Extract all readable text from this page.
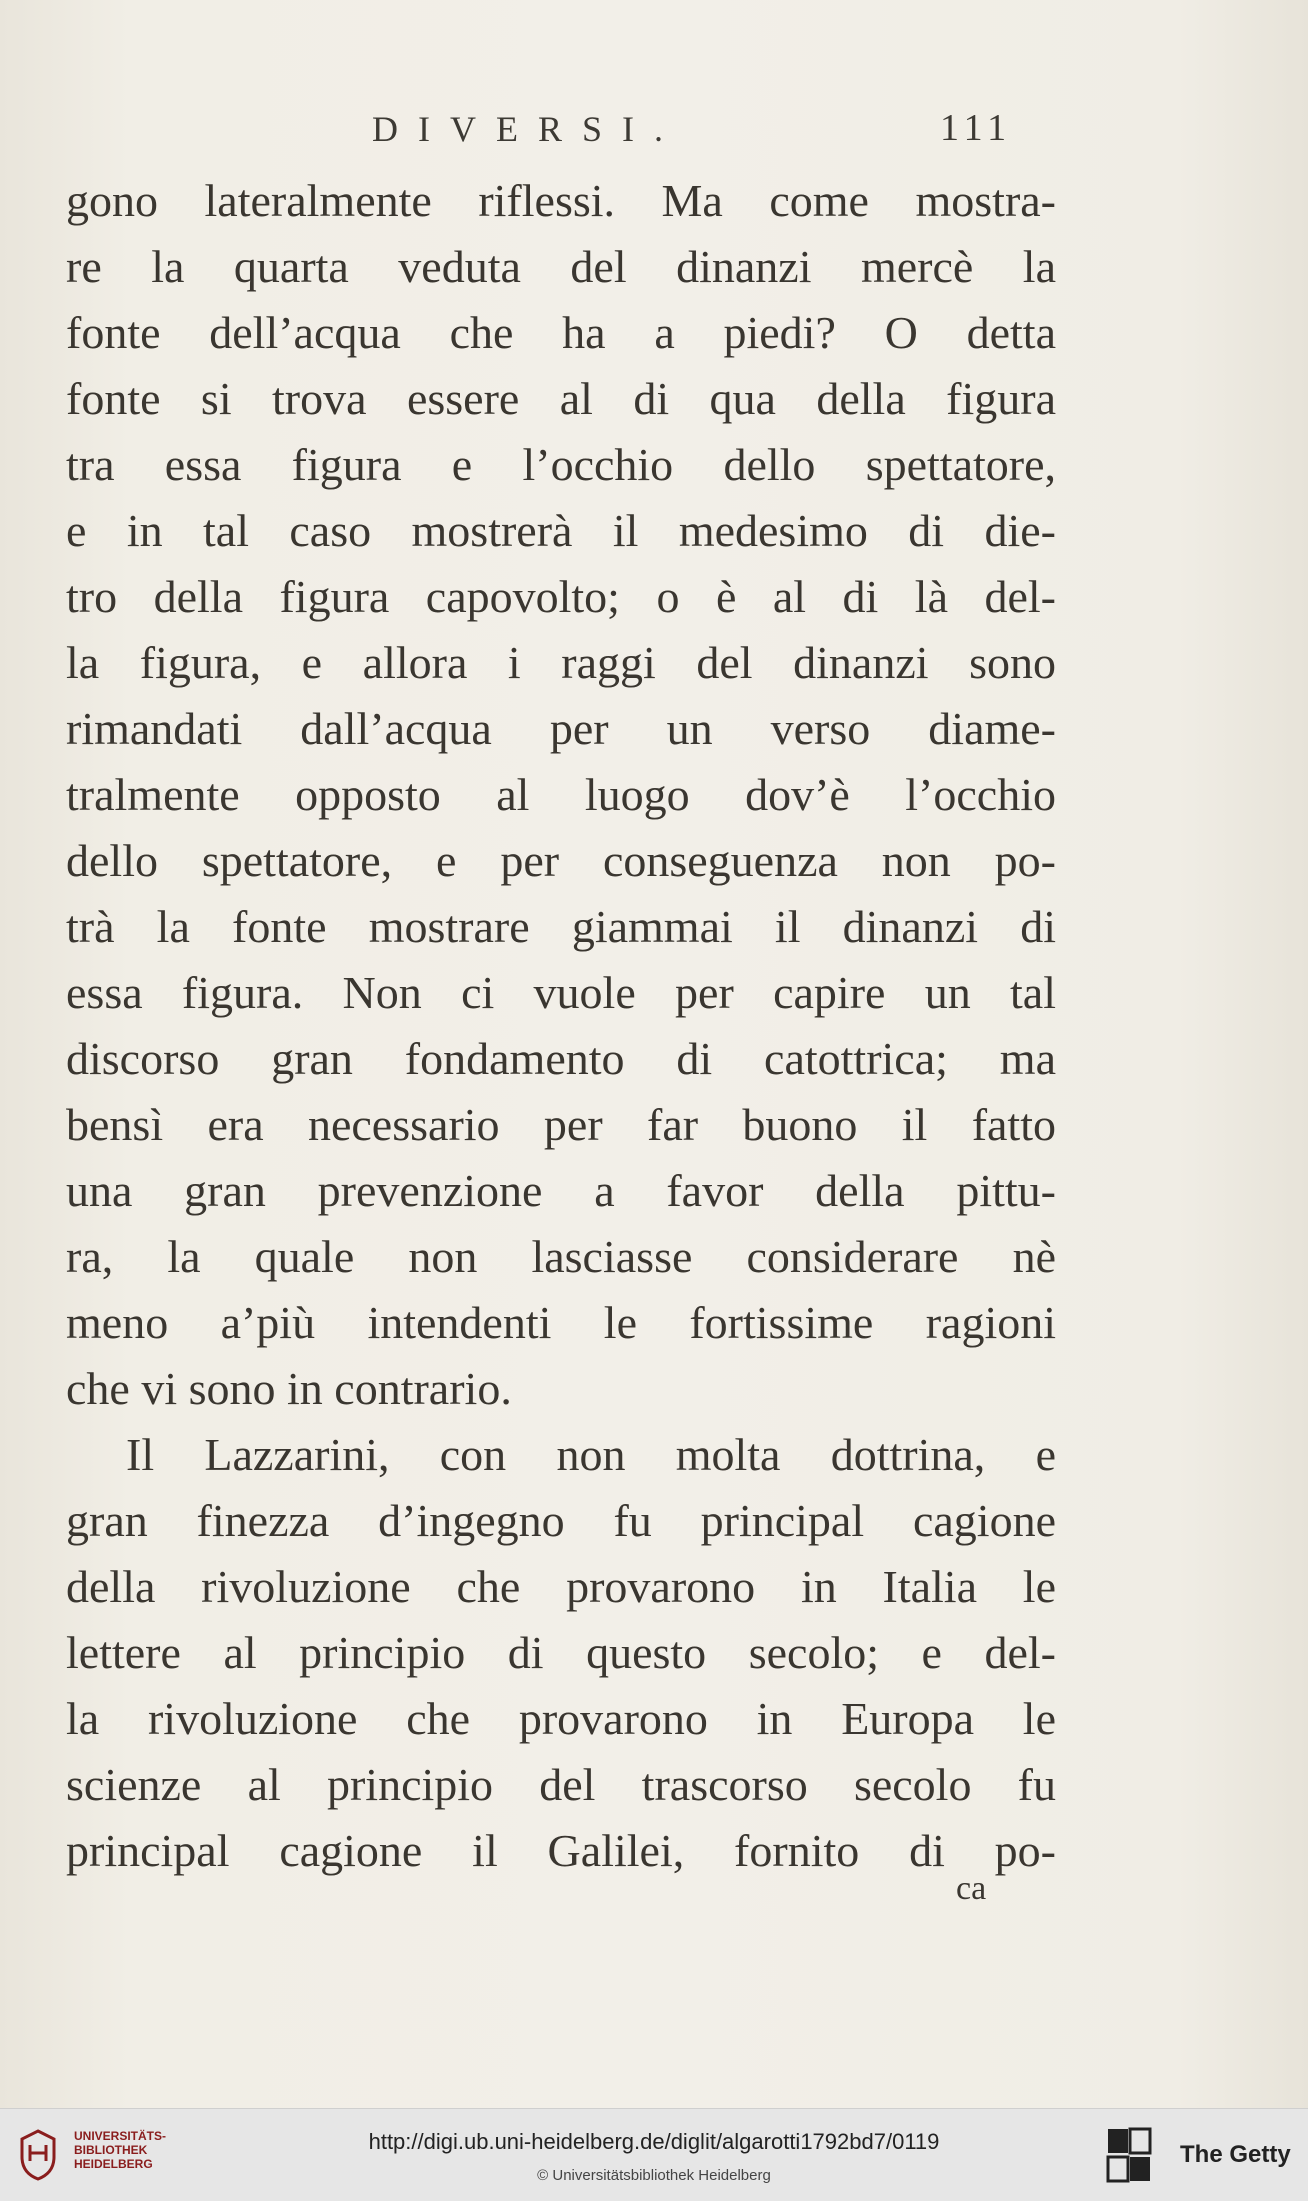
DIVERSI.	111
gono lateralmente riflessi. Ma come mostra-
re la quarta veduta del dinanzi mercè la
fonte dell’acqua che ha a piedi? O detta
fonte si trova essere al di qua della figura
tra essa figura e l’occhio dello spettatore,
e in tal caso mostrerà il medesimo di die-
tro della figura capovolto; o è al di là del-
la figura, e allora i raggi del dinanzi sono
rimandati dall’acqua per un verso diame-
tralmente opposto al luogo dov’è l’occhio
dello spettatore, e per conseguenza non po-
trà la fonte mostrare giammai il dinanzi di
essa figura. Non ci vuole per capire un tal
discorso gran fondamento di catottrica; ma
bensì era necessario per far buono il fatto
una gran prevenzione a favor della pittu-
ra, la quale non lasciasse considerare nè
meno a’più intendenti le fortissime ragioni
che vi sono in contrario.
Il Lazzarini, con non molta dottrina, e
gran finezza d’ingegno fu principal cagione
della rivoluzione che provarono in Italia le
lettere al principio di questo secolo; e del-
la rivoluzione che provarono in Europa le
scienze al principio del trascorso secolo fu
principal cagione il Galilei, fornito di po-
ca
UNIVERSITÄTS-
BIBLIOTHEK
HEIDELBERG
http://digi.ub.uni-heidelberg.de/diglit/algarotti1792bd7/0119
© Universitätsbibliothek Heidelberg
The Getty
